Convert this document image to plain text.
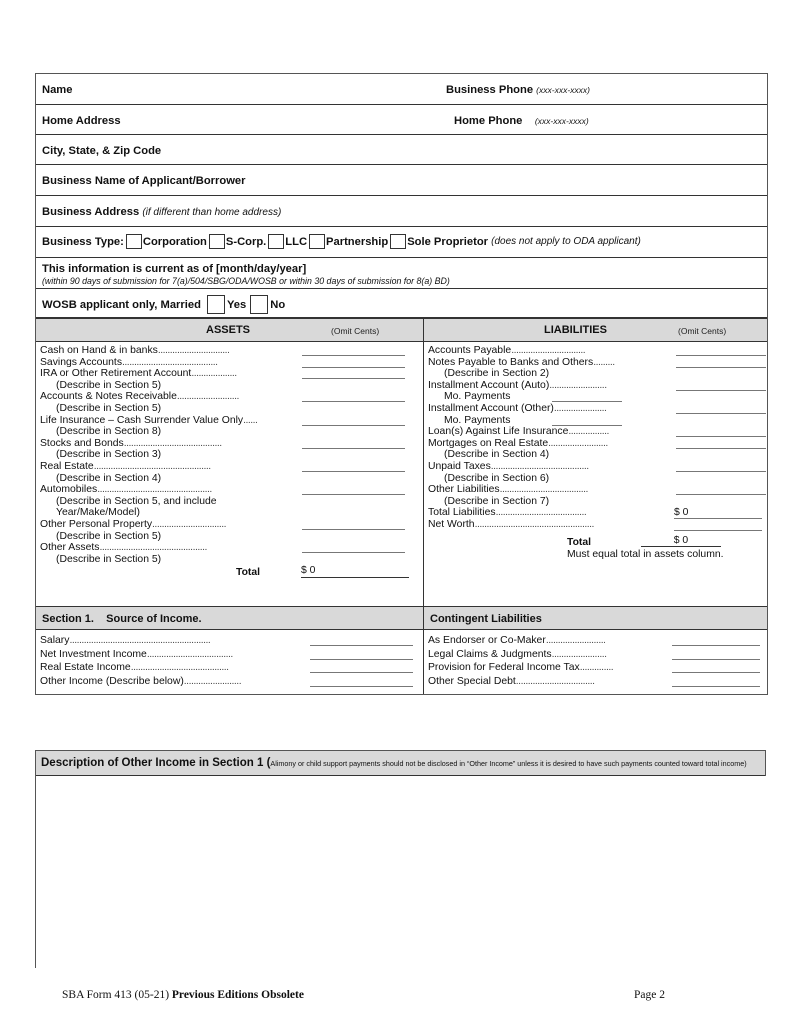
Name	Business Phone (xxx-xxx-xxxx)
Home Address	Home Phone (xxx-xxx-xxxx)
City, State, & Zip Code
Business Name of Applicant/Borrower
Business Address (if different than home address)
Business Type: Corporation S-Corp. LLC Partnership Sole Proprietor
(does not apply to ODA applicant)
This information is current as of [month/day/year]
(within 90 days of submission for 7(a)/504/SBG/ODA/WOSB or within 30 days of submission for 8(a) BD)
WOSB applicant only, Married Yes No
ASSETS	(Omit Cents)
Cash on Hand & in banks ..............................
Savings Accounts ........................................
IRA or Other Retirement Account ...................
(Describe in Section 5)
Accounts & Notes Receivable ..........................
(Describe in Section 5)
Life Insurance – Cash Surrender Value Only ......
(Describe in Section 8)
Stocks and Bonds .........................................
(Describe in Section 3)
Real Estate .................................................
(Describe in Section 4)
Automobiles ................................................
(Describe in Section 5, and include
Year/Make/Model)
Other Personal Property ...............................
(Describe in Section 5)
Other Assets .............................................
(Describe in Section 5)
Total	$ 0
LIABILITIES	(Omit Cents)
Accounts Payable ...............................
Notes Payable to Banks and Others .........
(Describe in Section 2)
Installment Account (Auto) ........................
Mo. Payments
Installment Account (Other) ......................
Mo. Payments
Loan(s) Against Life Insurance .................
Mortgages on Real Estate .........................
(Describe in Section 4)
Unpaid Taxes .........................................
(Describe in Section 6)
Other Liabilities .....................................
(Describe in Section 7)
Total Liabilities ......................................	$ 0
Net Worth ..................................................
Total	$ 0
Must equal total in assets column.
Section 1.    Source of Income.
Salary ...........................................................
Net Investment Income ....................................
Real Estate Income .........................................
Other Income (Describe below) ........................
Contingent Liabilities
As Endorser or Co-Maker .........................
Legal Claims & Judgments .......................
Provision for Federal Income Tax ..............
Other Special Debt .................................
Description of Other Income in Section 1 (Alimony or child support payments should not be disclosed in “Other Income” unless it is desired to have such payments counted toward total income)
SBA Form 413 (05-21) Previous Editions Obsolete	Page 2
